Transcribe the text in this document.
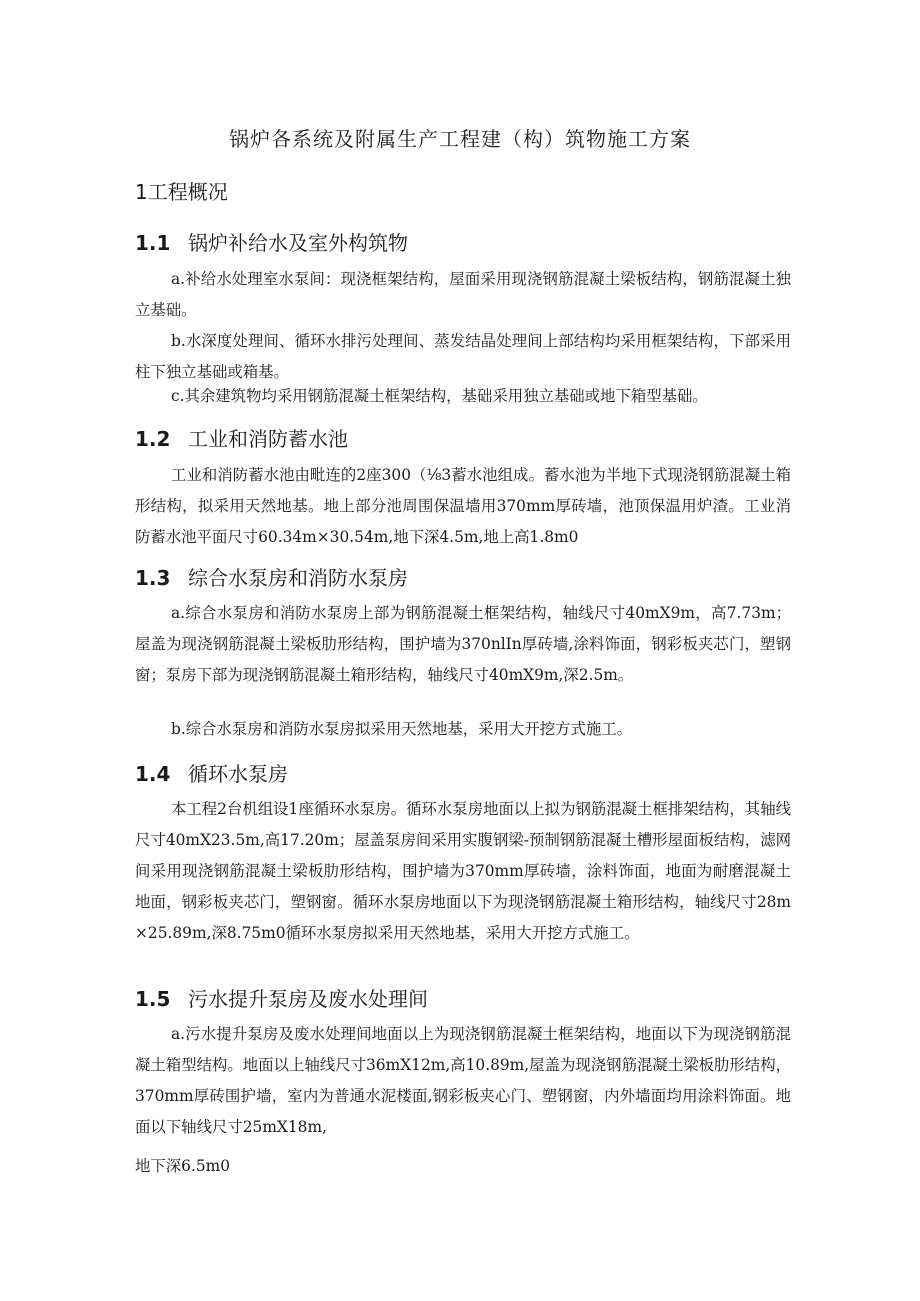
锅炉各系统及附属生产工程建（构）筑物施工方案
1工程概况
1.1 锅炉补给水及室外构筑物
a.补给水处理室水泵间：现浇框架结构，屋面采用现浇钢筋混凝土梁板结构，钢筋混凝土独立基础。
b.水深度处理间、循环水排污处理间、蒸发结晶处理间上部结构均采用框架结构，下部采用柱下独立基础或箱基。
c.其余建筑物均采用钢筋混凝土框架结构，基础采用独立基础或地下箱型基础。
1.2 工业和消防蓄水池
工业和消防蓄水池由毗连的2座300（⅛3蓄水池组成。蓄水池为半地下式现浇钢筋混凝土箱形结构，拟采用天然地基。地上部分池周围保温墙用370mm厚砖墙，池顶保温用炉渣。工业消防蓄水池平面尺寸60.34m×30.54m,地下深4.5m,地上高1.8m0
1.3 综合水泵房和消防水泵房
a.综合水泵房和消防水泵房上部为钢筋混凝土框架结构，轴线尺寸40mX9m，高7.73m；屋盖为现浇钢筋混凝土梁板肋形结构，围护墙为370nlIn厚砖墙,涂料饰面，钢彩板夹芯门，塑钢窗；泵房下部为现浇钢筋混凝土箱形结构，轴线尺寸40mX9m,深2.5m。
b.综合水泵房和消防水泵房拟采用天然地基，采用大开挖方式施工。
1.4 循环水泵房
本工程2台机组设1座循环水泵房。循环水泵房地面以上拟为钢筋混凝土框排架结构，其轴线尺寸40mX23.5m,高17.20m；屋盖泵房间采用实腹钢梁-预制钢筋混凝土槽形屋面板结构，滤网间采用现浇钢筋混凝土梁板肋形结构，围护墙为370mm厚砖墙，涂料饰面，地面为耐磨混凝土地面，钢彩板夹芯门，塑钢窗。循环水泵房地面以下为现浇钢筋混凝土箱形结构，轴线尺寸28m×25.89m,深8.75m0循环水泵房拟采用天然地基，采用大开挖方式施工。
1.5 污水提升泵房及废水处理间
a.污水提升泵房及废水处理间地面以上为现浇钢筋混凝土框架结构，地面以下为现浇钢筋混凝土箱型结构。地面以上轴线尺寸36mX12m,高10.89m,屋盖为现浇钢筋混凝土梁板肋形结构，370mm厚砖围护墙，室内为普通水泥楼面,钢彩板夹心门、塑钢窗，内外墙面均用涂料饰面。地面以下轴线尺寸25mX18m,
地下深6.5m0
